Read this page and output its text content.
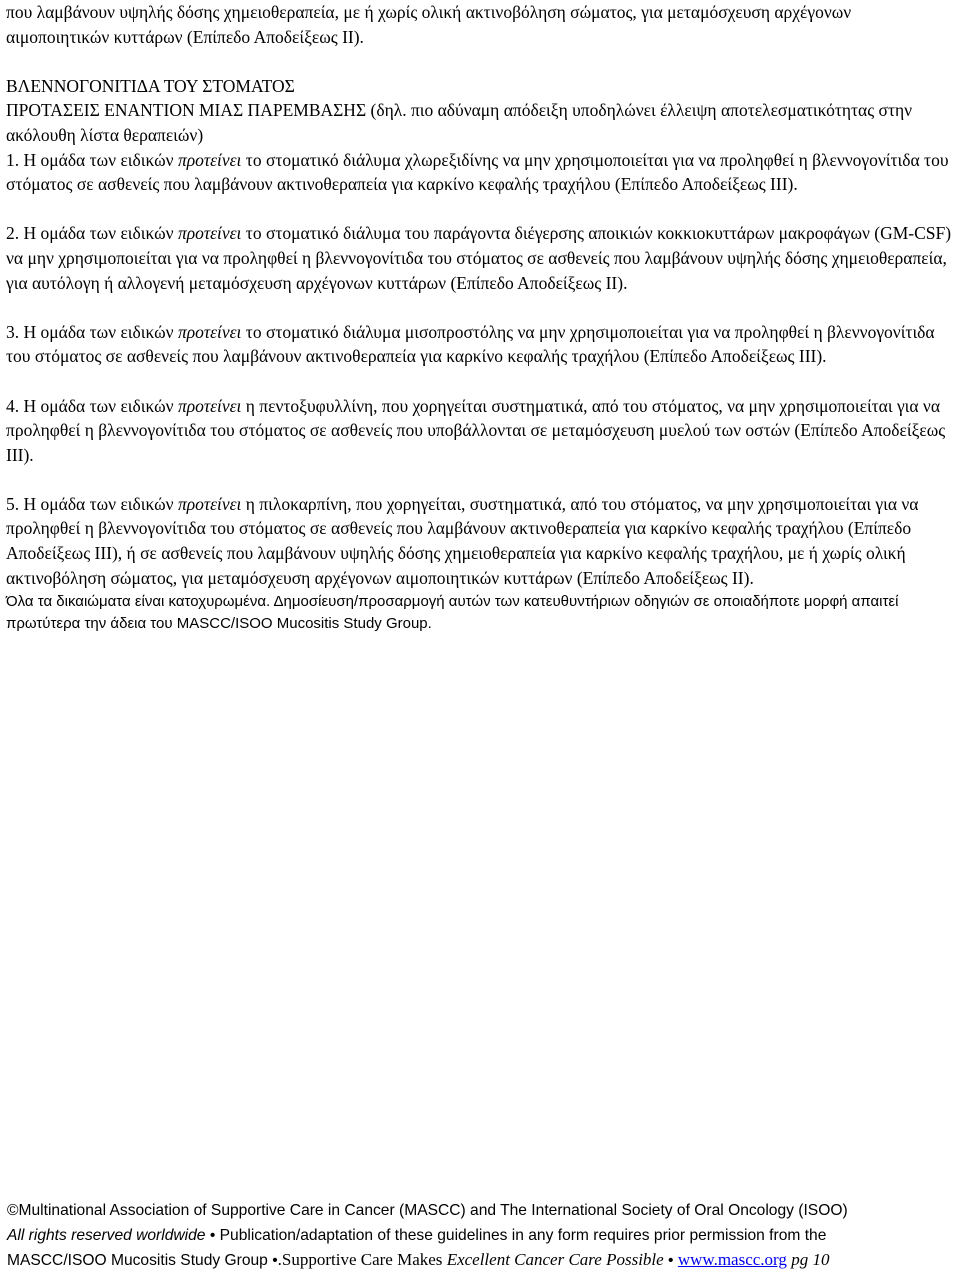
που λαμβάνουν υψηλής δόσης χημειοθεραπεία, με ή χωρίς ολική ακτινοβόληση σώματος, για μεταμόσχευση αρχέγονων αιμοποιητικών κυττάρων (Επίπεδο Αποδείξεως ΙΙ).

ΒΛΕΝΝΟΓΟΝΙΤΙΔΑ ΤΟΥ ΣΤΟΜΑΤΟΣ

ΠΡΟΤΑΣΕΙΣ ΕΝΑΝΤΙΟΝ ΜΙΑΣ ΠΑΡΕΜΒΑΣΗΣ (δηλ. πιο αδύναμη απόδειξη υποδηλώνει έλλειψη αποτελεσματικότητας στην ακόλουθη λίστα θεραπειών)

1. Η ομάδα των ειδικών προτείνει το στοματικό διάλυμα χλωρεξιδίνης να μην χρησιμοποιείται για να προληφθεί η βλεννογονίτιδα του στόματος σε ασθενείς που λαμβάνουν ακτινοθεραπεία για καρκίνο κεφαλής τραχήλου (Επίπεδο Αποδείξεως ΙΙΙ).

2. Η ομάδα των ειδικών προτείνει το στοματικό διάλυμα του παράγοντα διέγερσης αποικιών κοκκιοκυττάρων μακροφάγων (GM-CSF) να μην χρησιμοποιείται για να προληφθεί η βλεννογονίτιδα του στόματος σε ασθενείς που λαμβάνουν υψηλής δόσης χημειοθεραπεία, για αυτόλογη ή αλλογενή μεταμόσχευση αρχέγονων κυττάρων (Επίπεδο Αποδείξεως ΙΙ).

3. Η ομάδα των ειδικών προτείνει το στοματικό διάλυμα μισοπροστόλης να μην χρησιμοποιείται για να προληφθεί η βλεννογονίτιδα του στόματος σε ασθενείς που λαμβάνουν ακτινοθεραπεία για καρκίνο κεφαλής τραχήλου (Επίπεδο Αποδείξεως ΙΙΙ).

4. Η ομάδα των ειδικών προτείνει η πεντοξυφυλλίνη, που χορηγείται συστηματικά, από του στόματος, να μην χρησιμοποιείται για να προληφθεί η βλεννογονίτιδα του στόματος σε ασθενείς που υποβάλλονται σε μεταμόσχευση μυελού των οστών (Επίπεδο Αποδείξεως ΙΙΙ).

5. Η ομάδα των ειδικών προτείνει η πιλοκαρπίνη, που χορηγείται, συστηματικά, από του στόματος, να μην χρησιμοποιείται για να προληφθεί η βλεννογονίτιδα του στόματος σε ασθενείς που λαμβάνουν ακτινοθεραπεία για καρκίνο κεφαλής τραχήλου (Επίπεδο Αποδείξεως ΙΙΙ), ή σε ασθενείς που λαμβάνουν υψηλής δόσης χημειοθεραπεία για καρκίνο κεφαλής τραχήλου, με ή χωρίς ολική ακτινοβόληση σώματος, για μεταμόσχευση αρχέγονων αιμοποιητικών κυττάρων (Επίπεδο Αποδείξεως ΙΙ).

Όλα τα δικαιώματα είναι κατοχυρωμένα. Δημοσίευση/προσαρμογή αυτών των κατευθυντήριων οδηγιών σε οποιαδήποτε μορφή απαιτεί πρωτύτερα την άδεια του MASCC/ISOO Mucositis Study Group.

©Multinational Association of Supportive Care in Cancer (MASCC) and The International Society of Oral Oncology (ISOO)
All rights reserved worldwide • Publication/adaptation of these guidelines in any form requires prior permission from the
MASCC/ISOO Mucositis Study Group •.Supportive Care Makes Excellent Cancer Care Possible • www.mascc.org pg 10
